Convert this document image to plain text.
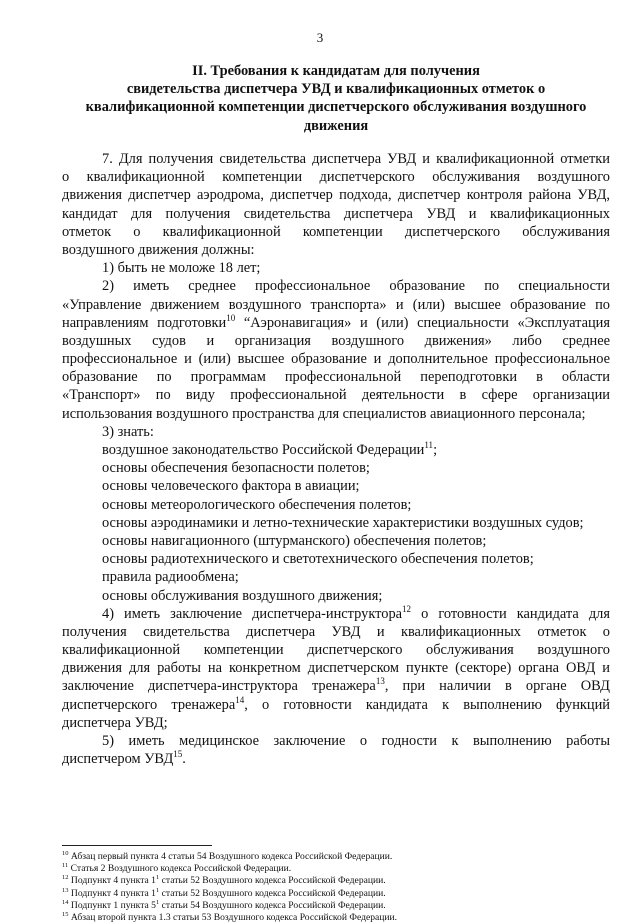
3
II. Требования к кандидатам для получения
свидетельства диспетчера УВД и квалификационных отметок о
квалификационной компетенции диспетчерского обслуживания воздушного
движения
7. Для получения свидетельства диспетчера УВД и квалификационной отметки
о квалификационной компетенции диспетчерского обслуживания воздушного
движения диспетчер аэродрома, диспетчер подхода, диспетчер контроля района УВД,
кандидат для получения свидетельства диспетчера УВД и квалификационных
отметок о квалификационной компетенции диспетчерского обслуживания
воздушного движения должны:
1) быть не моложе 18 лет;
2) иметь среднее профессиональное образование по специальности
«Управление движением воздушного транспорта» и (или) высшее образование по
направлениям подготовки$^{10}$ “Аэронавигация» и (или) специальности «Эксплуатация
воздушных судов и организация воздушного движения» либо среднее
профессиональное и (или) высшее образование и дополнительное профессиональное
образование по программам профессиональной переподготовки в области
«Транспорт» по виду профессиональной деятельности в сфере организации
использования воздушного пространства для специалистов авиационного персонала;
3) знать:
воздушное законодательство Российской Федерации$^{11}$;
основы обеспечения безопасности полетов;
основы человеческого фактора в авиации;
основы метеорологического обеспечения полетов;
основы аэродинамики и летно-технические характеристики воздушных судов;
основы навигационного (штурманского) обеспечения полетов;
основы радиотехнического и светотехнического обеспечения полетов;
правила радиообмена;
основы обслуживания воздушного движения;
4) иметь заключение диспетчера-инструктора$^{12}$ о готовности кандидата для
получения свидетельства диспетчера УВД и квалификационных отметок о
квалификационной компетенции диспетчерского обслуживания воздушного
движения для работы на конкретном диспетчерском пункте (секторе) органа ОВД и
заключение диспетчера-инструктора тренажера$^{13}$, при наличии в органе ОВД
диспетчерского тренажера$^{14}$, о готовности кандидата к выполнению функций
диспетчера УВД;
5) иметь медицинское заключение о годности к выполнению работы
диспетчером УВД$^{15}$.
$^{10}$ Абзац первый пункта 4 статьи 54 Воздушного кодекса Российской Федерации.
$^{11}$ Статья 2 Воздушного кодекса Российской Федерации.
$^{12}$ Подпункт 4 пункта 1$^1$ статьи 52 Воздушного кодекса Российской Федерации.
$^{13}$ Подпункт 4 пункта 1$^1$ статьи 52 Воздушного кодекса Российской Федерации.
$^{14}$ Подпункт 1 пункта 5$^1$ статьи 54 Воздушного кодекса Российской Федерации.
$^{15}$ Абзац второй пункта 1.3 статьи 53 Воздушного кодекса Российской Федерации.
